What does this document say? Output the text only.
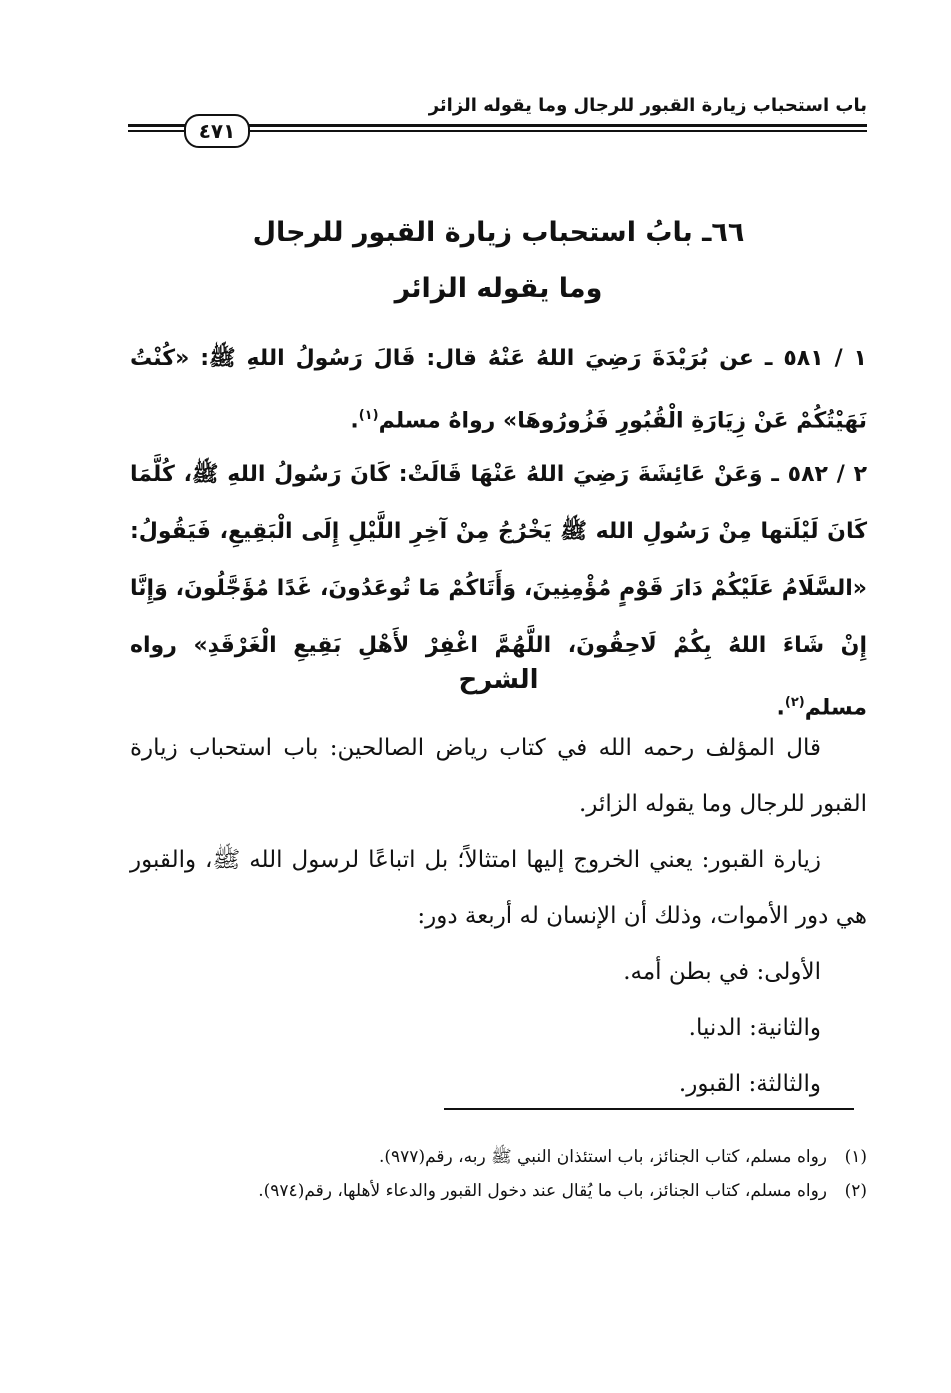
باب استحباب زيارة القبور للرجال وما يقوله الزائر
٤٧١
٦٦ـ بابُ استحباب زيارة القبور للرجال
وما يقوله الزائر
١ / ٥٨١ ـ عن بُرَيْدَةَ رَضِيَ اللهُ عَنْهُ قال: قَالَ رَسُولُ اللهِ ﷺ: «كُنْتُ نَهَيْتُكُمْ عَنْ زِيَارَةِ الْقُبُورِ فَزُورُوهَا» رواهُ مسلم$^{(١)}$.
٢ / ٥٨٢ ـ وَعَنْ عَائِشَةَ رَضِيَ اللهُ عَنْهَا قَالَتْ: كَانَ رَسُولُ اللهِ ﷺ، كُلَّمَا كَانَ لَيْلَتها مِنْ رَسُولِ الله ﷺ يَخْرُجُ مِنْ آخِرِ اللَّيْلِ إِلَى الْبَقِيعِ، فَيَقُولُ: «السَّلَامُ عَلَيْكُمْ دَارَ قَوْمٍ مُؤْمِنِينَ، وَأَتَاكُمْ مَا تُوعَدُونَ، غَدًا مُؤَجَّلُونَ، وَإِنَّا إِنْ شَاءَ اللهُ بِكُمْ لَاحِقُونَ، اللَّهُمَّ اغْفِرْ لأَهْلِ بَقِيعِ الْغَرْقَدِ» رواه مسلم$^{(٢)}$.
الشرح

قال المؤلف رحمه الله في كتاب رياض الصالحين: باب استحباب زيارة القبور للرجال وما يقوله الزائر.

زيارة القبور: يعني الخروج إليها امتثالاً؛ بل اتباعًا لرسول الله ﷺ، والقبور هي دور الأموات، وذلك أن الإنسان له أربعة دور:

الأولى: في بطن أمه.
والثانية: الدنيا.
والثالثة: القبور.
(١)
رواه مسلم، كتاب الجنائز، باب استئذان النبي ﷺ ربه، رقم(٩٧٧).
(٢)
رواه مسلم، كتاب الجنائز، باب ما يُقال عند دخول القبور والدعاء لأهلها، رقم(٩٧٤).
